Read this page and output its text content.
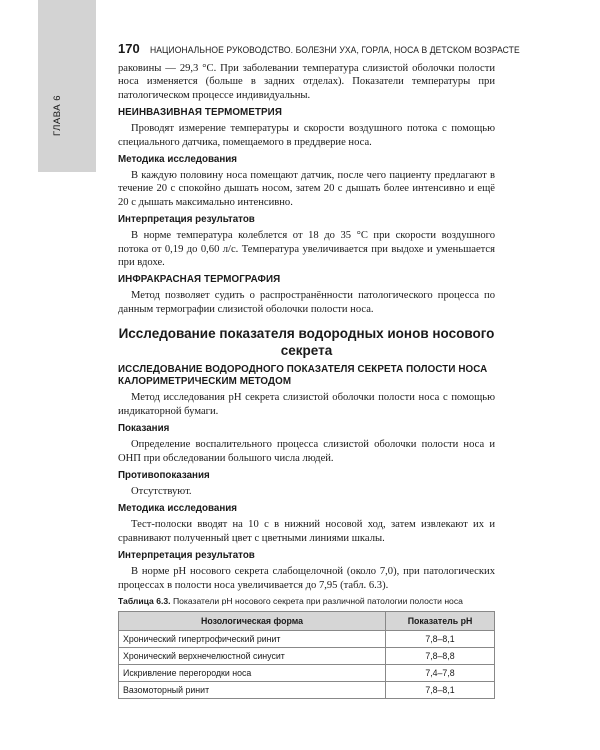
ГЛАВА 6
170 НАЦИОНАЛЬНОЕ РУКОВОДСТВО. БОЛЕЗНИ УХА, ГОРЛА, НОСА В ДЕТСКОМ ВОЗРАСТЕ

раковины — 29,3 °С. При заболевании температура слизистой оболочки полости носа изменяется (больше в задних отделах). Показатели температуры при патологическом процессе индивидуальны.

НЕИНВАЗИВНАЯ ТЕРМОМЕТРИЯ

Проводят измерение температуры и скорости воздушного потока с помощью специального датчика, помещаемого в преддверие носа.

Методика исследования

В каждую половину носа помещают датчик, после чего пациенту предлагают в течение 20 с спокойно дышать носом, затем 20 с дышать более интенсивно и ещё 20 с дышать максимально интенсивно.

Интерпретация результатов

В норме температура колеблется от 18 до 35 °С при скорости воздушного потока от 0,19 до 0,60 л/с. Температура увеличивается при выдохе и уменьшается при вдохе.

ИНФРАКРАСНАЯ ТЕРМОГРАФИЯ

Метод позволяет судить о распространённости патологического процесса по данным термографии слизистой оболочки полости носа.

Исследование показателя водородных ионов носового секрета
ИССЛЕДОВАНИЕ ВОДОРОДНОГО ПОКАЗАТЕЛЯ СЕКРЕТА ПОЛОСТИ НОСА КАЛОРИМЕТРИЧЕСКИМ МЕТОДОМ

Метод исследования рН секрета слизистой оболочки полости носа с помощью индикаторной бумаги.

Показания

Определение воспалительного процесса слизистой оболочки полости носа и ОНП при обследовании большого числа людей.

Противопоказания

Отсутствуют.

Методика исследования

Тест-полоски вводят на 10 с в нижний носовой ход, затем извлекают их и сравнивают полученный цвет с цветными линиями шкалы.

Интерпретация результатов

В норме рН носового секрета слабощелочной (около 7,0), при патологических процессах в полости носа увеличивается до 7,95 (табл. 6.3).

Таблица 6.3. Показатели рН носового секрета при различной патологии полости носа
Нозологическая форма	Показатель рН
Хронический гипертрофический ринит	7,8–8,1
Хронический верхнечелюстной синусит	7,8–8,8
Искривление перегородки носа	7,4–7,8
Вазомоторный ринит	7,8–8,1
